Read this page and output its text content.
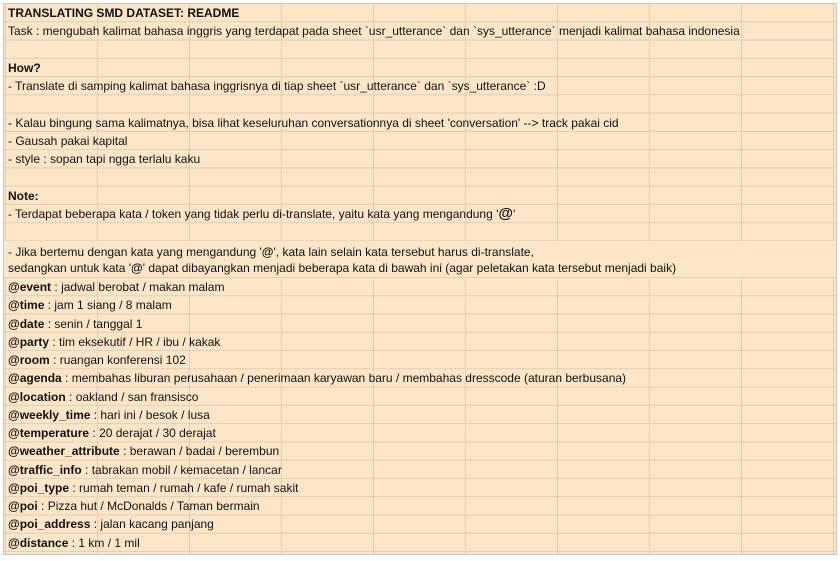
TRANSLATING SMD DATASET: README
Task : mengubah kalimat bahasa inggris yang terdapat pada sheet `usr_utterance` dan `sys_utterance` menjadi kalimat bahasa indonesia
How?
- Translate di samping kalimat bahasa inggrisnya di tiap sheet `usr_utterance` dan `sys_utterance` :D
- Kalau bingung sama kalimatnya, bisa lihat keseluruhan conversationnya di sheet 'conversation' --> track pakai cid
- Gausah pakai kapital
- style : sopan tapi ngga terlalu kaku
Note:
- Terdapat beberapa kata / token yang tidak perlu di-translate, yaitu kata yang mengandung '@'
- Jika bertemu dengan kata yang mengandung '@', kata lain selain kata tersebut harus di-translate,
sedangkan untuk kata '@' dapat dibayangkan menjadi beberapa kata di bawah ini (agar peletakan kata tersebut menjadi baik)
@event : jadwal berobat / makan malam
@time : jam 1 siang / 8 malam
@date : senin / tanggal 1
@party : tim eksekutif / HR / ibu / kakak
@room : ruangan konferensi 102
@agenda : membahas liburan perusahaan / penerimaan karyawan baru / membahas dresscode (aturan berbusana)
@location : oakland / san fransisco
@weekly_time : hari ini / besok / lusa
@temperature : 20 derajat / 30 derajat
@weather_attribute : berawan / badai / berembun
@traffic_info : tabrakan mobil / kemacetan / lancar
@poi_type : rumah teman / rumah / kafe / rumah sakit
@poi : Pizza hut / McDonalds / Taman bermain
@poi_address : jalan kacang panjang
@distance : 1 km / 1 mil
